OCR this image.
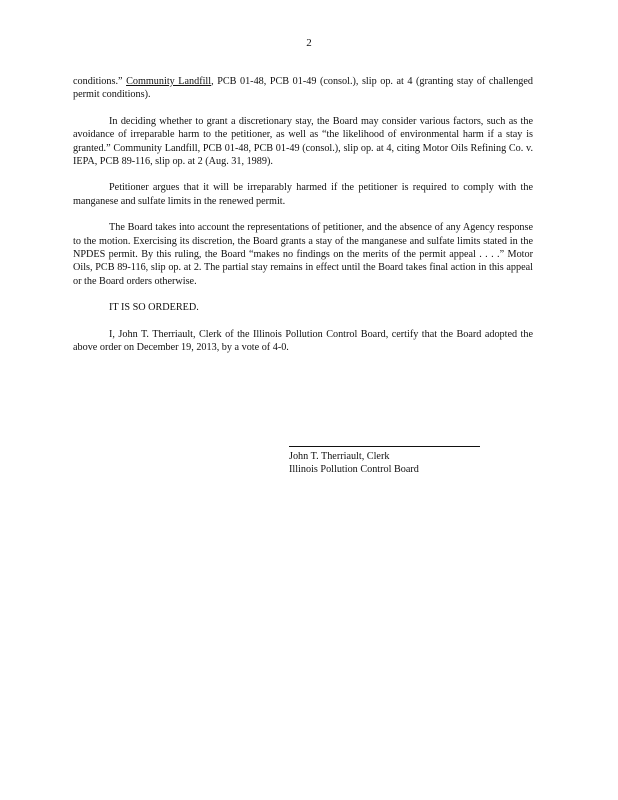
2

conditions.” Community Landfill, PCB 01-48, PCB 01-49 (consol.), slip op. at 4 (granting stay of challenged permit conditions).

In deciding whether to grant a discretionary stay, the Board may consider various factors, such as the avoidance of irreparable harm to the petitioner, as well as “the likelihood of environmental harm if a stay is granted.” Community Landfill, PCB 01-48, PCB 01-49 (consol.), slip op. at 4, citing Motor Oils Refining Co. v. IEPA, PCB 89-116, slip op. at 2 (Aug. 31, 1989).

Petitioner argues that it will be irreparably harmed if the petitioner is required to comply with the manganese and sulfate limits in the renewed permit.

The Board takes into account the representations of petitioner, and the absence of any Agency response to the motion. Exercising its discretion, the Board grants a stay of the manganese and sulfate limits stated in the NPDES permit. By this ruling, the Board “makes no findings on the merits of the permit appeal . . . .” Motor Oils, PCB 89-116, slip op. at 2. The partial stay remains in effect until the Board takes final action in this appeal or the Board orders otherwise.

IT IS SO ORDERED.

I, John T. Therriault, Clerk of the Illinois Pollution Control Board, certify that the Board adopted the above order on December 19, 2013, by a vote of 4-0.

John T. Therriault, Clerk
Illinois Pollution Control Board
